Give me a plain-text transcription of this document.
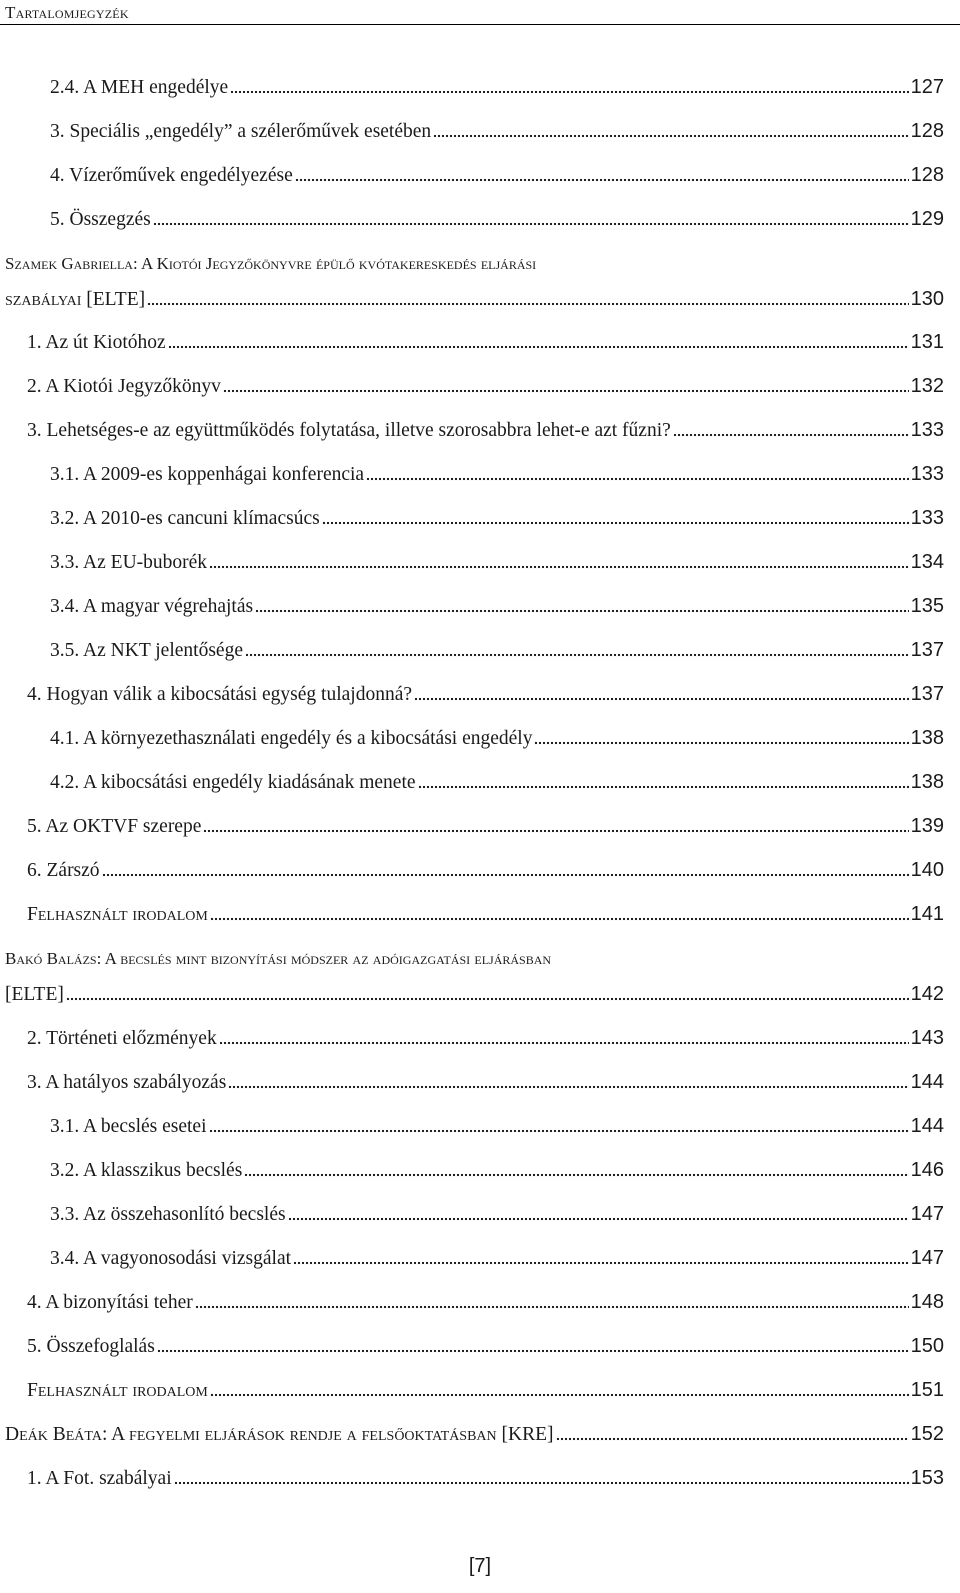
Tartalomjegyzék
2.4. A MEH engedélye	127
3. Speciális „engedély” a szélerőművek esetében	128
4. Vízerőművek engedélyezése	128
5. Összegzés	129
Szamek Gabriella: A Kiotói Jegyzőkönyvre épülő kvótakereskedés eljárási
szabályai [ELTE]	130
1. Az út Kiotóhoz	131
2. A Kiotói Jegyzőkönyv	132
3. Lehetséges-e az együttműködés folytatása, illetve szorosabbra lehet-e azt fűzni?	133
3.1. A 2009-es koppenhágai konferencia	133
3.2. A 2010-es cancuni klímacsúcs	133
3.3. Az EU-buborék	134
3.4. A magyar végrehajtás	135
3.5. Az NKT jelentősége	137
4. Hogyan válik a kibocsátási egység tulajdonná?	137
4.1. A környezethasználati engedély és a kibocsátási engedély	138
4.2. A kibocsátási engedély kiadásának menete	138
5. Az OKTVF szerepe	139
6. Zárszó	140
Felhasznált irodalom	141
Bakó Balázs: A becslés mint bizonyítási módszer az adóigazgatási eljárásban
[ELTE]	142
2. Történeti előzmények	143
3. A hatályos szabályozás	144
3.1. A becslés esetei	144
3.2. A klasszikus becslés	146
3.3. Az összehasonlító becslés	147
3.4. A vagyonosodási vizsgálat	147
4. A bizonyítási teher	148
5. Összefoglalás	150
Felhasznált irodalom	151
Deák Beáta: A fegyelmi eljárások rendje a felsőoktatásban [KRE]	152
1. A Fot. szabályai	153
[7]
